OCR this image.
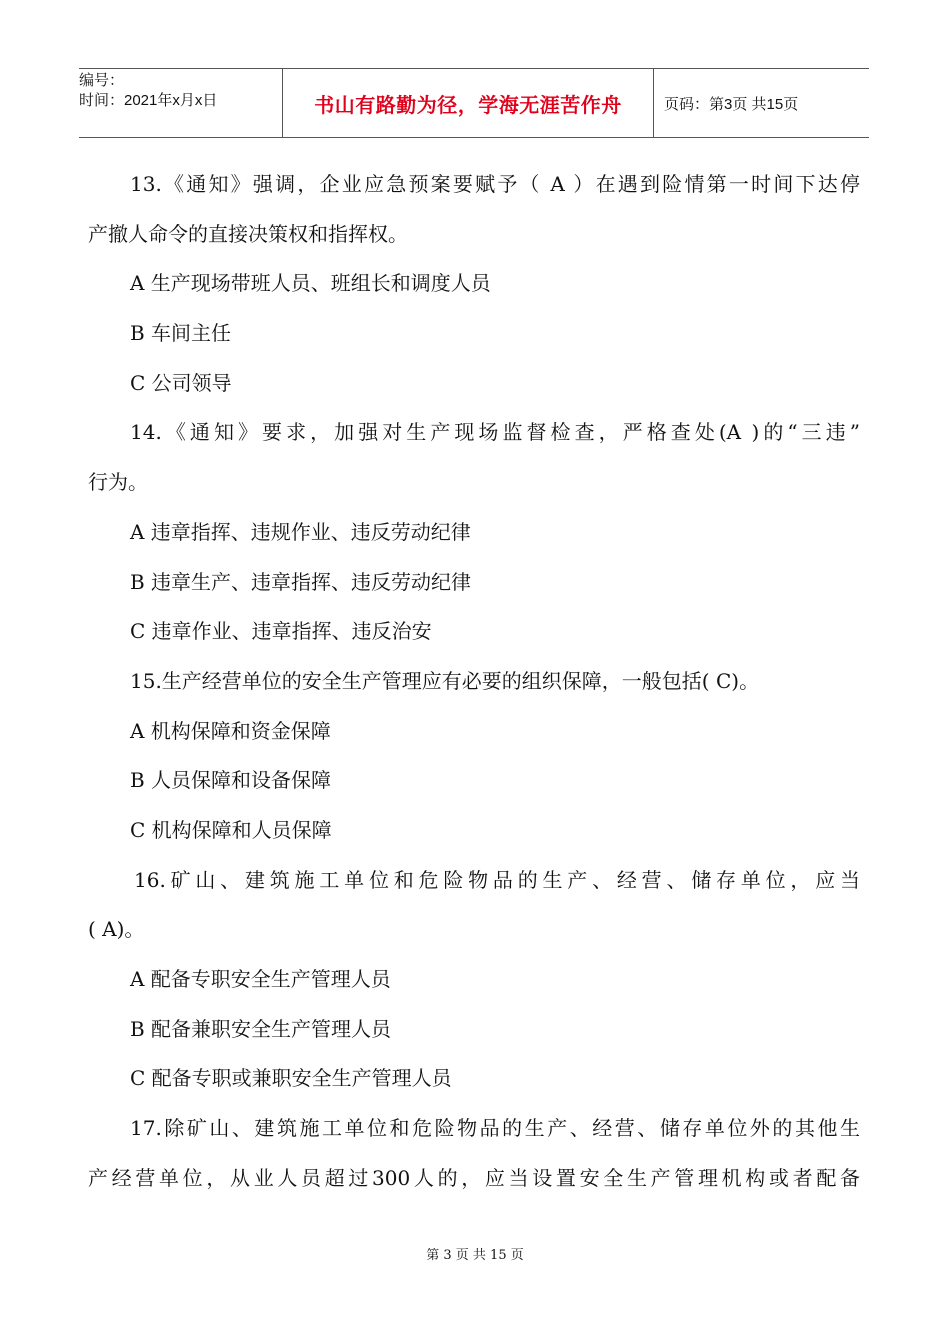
编号：
时间：2021年x月x日	书山有路勤为径，学海无涯苦作舟	页码：第3页 共15页
13.《通知》强调，企业应急预案要赋予（ A ）在遇到险情第一时间下达停
产撤人命令的直接决策权和指挥权。
A 生产现场带班人员、班组长和调度人员
B 车间主任
C 公司领导
14.《通知》要求，加强对生产现场监督检查，严格查处(A )的“三违”
行为。
A 违章指挥、违规作业、违反劳动纪律
B 违章生产、违章指挥、违反劳动纪律
C 违章作业、违章指挥、违反治安
15.生产经营单位的安全生产管理应有必要的组织保障，一般包括( C)。
A 机构保障和资金保障
B 人员保障和设备保障
C 机构保障和人员保障
16.矿山、建筑施工单位和危险物品的生产、经营、储存单位，应当
( A)。
A 配备专职安全生产管理人员
B 配备兼职安全生产管理人员
C 配备专职或兼职安全生产管理人员
17.除矿山、建筑施工单位和危险物品的生产、经营、储存单位外的其他生
产经营单位，从业人员超过300人的，应当设置安全生产管理机构或者配备
第 3 页 共 15 页
